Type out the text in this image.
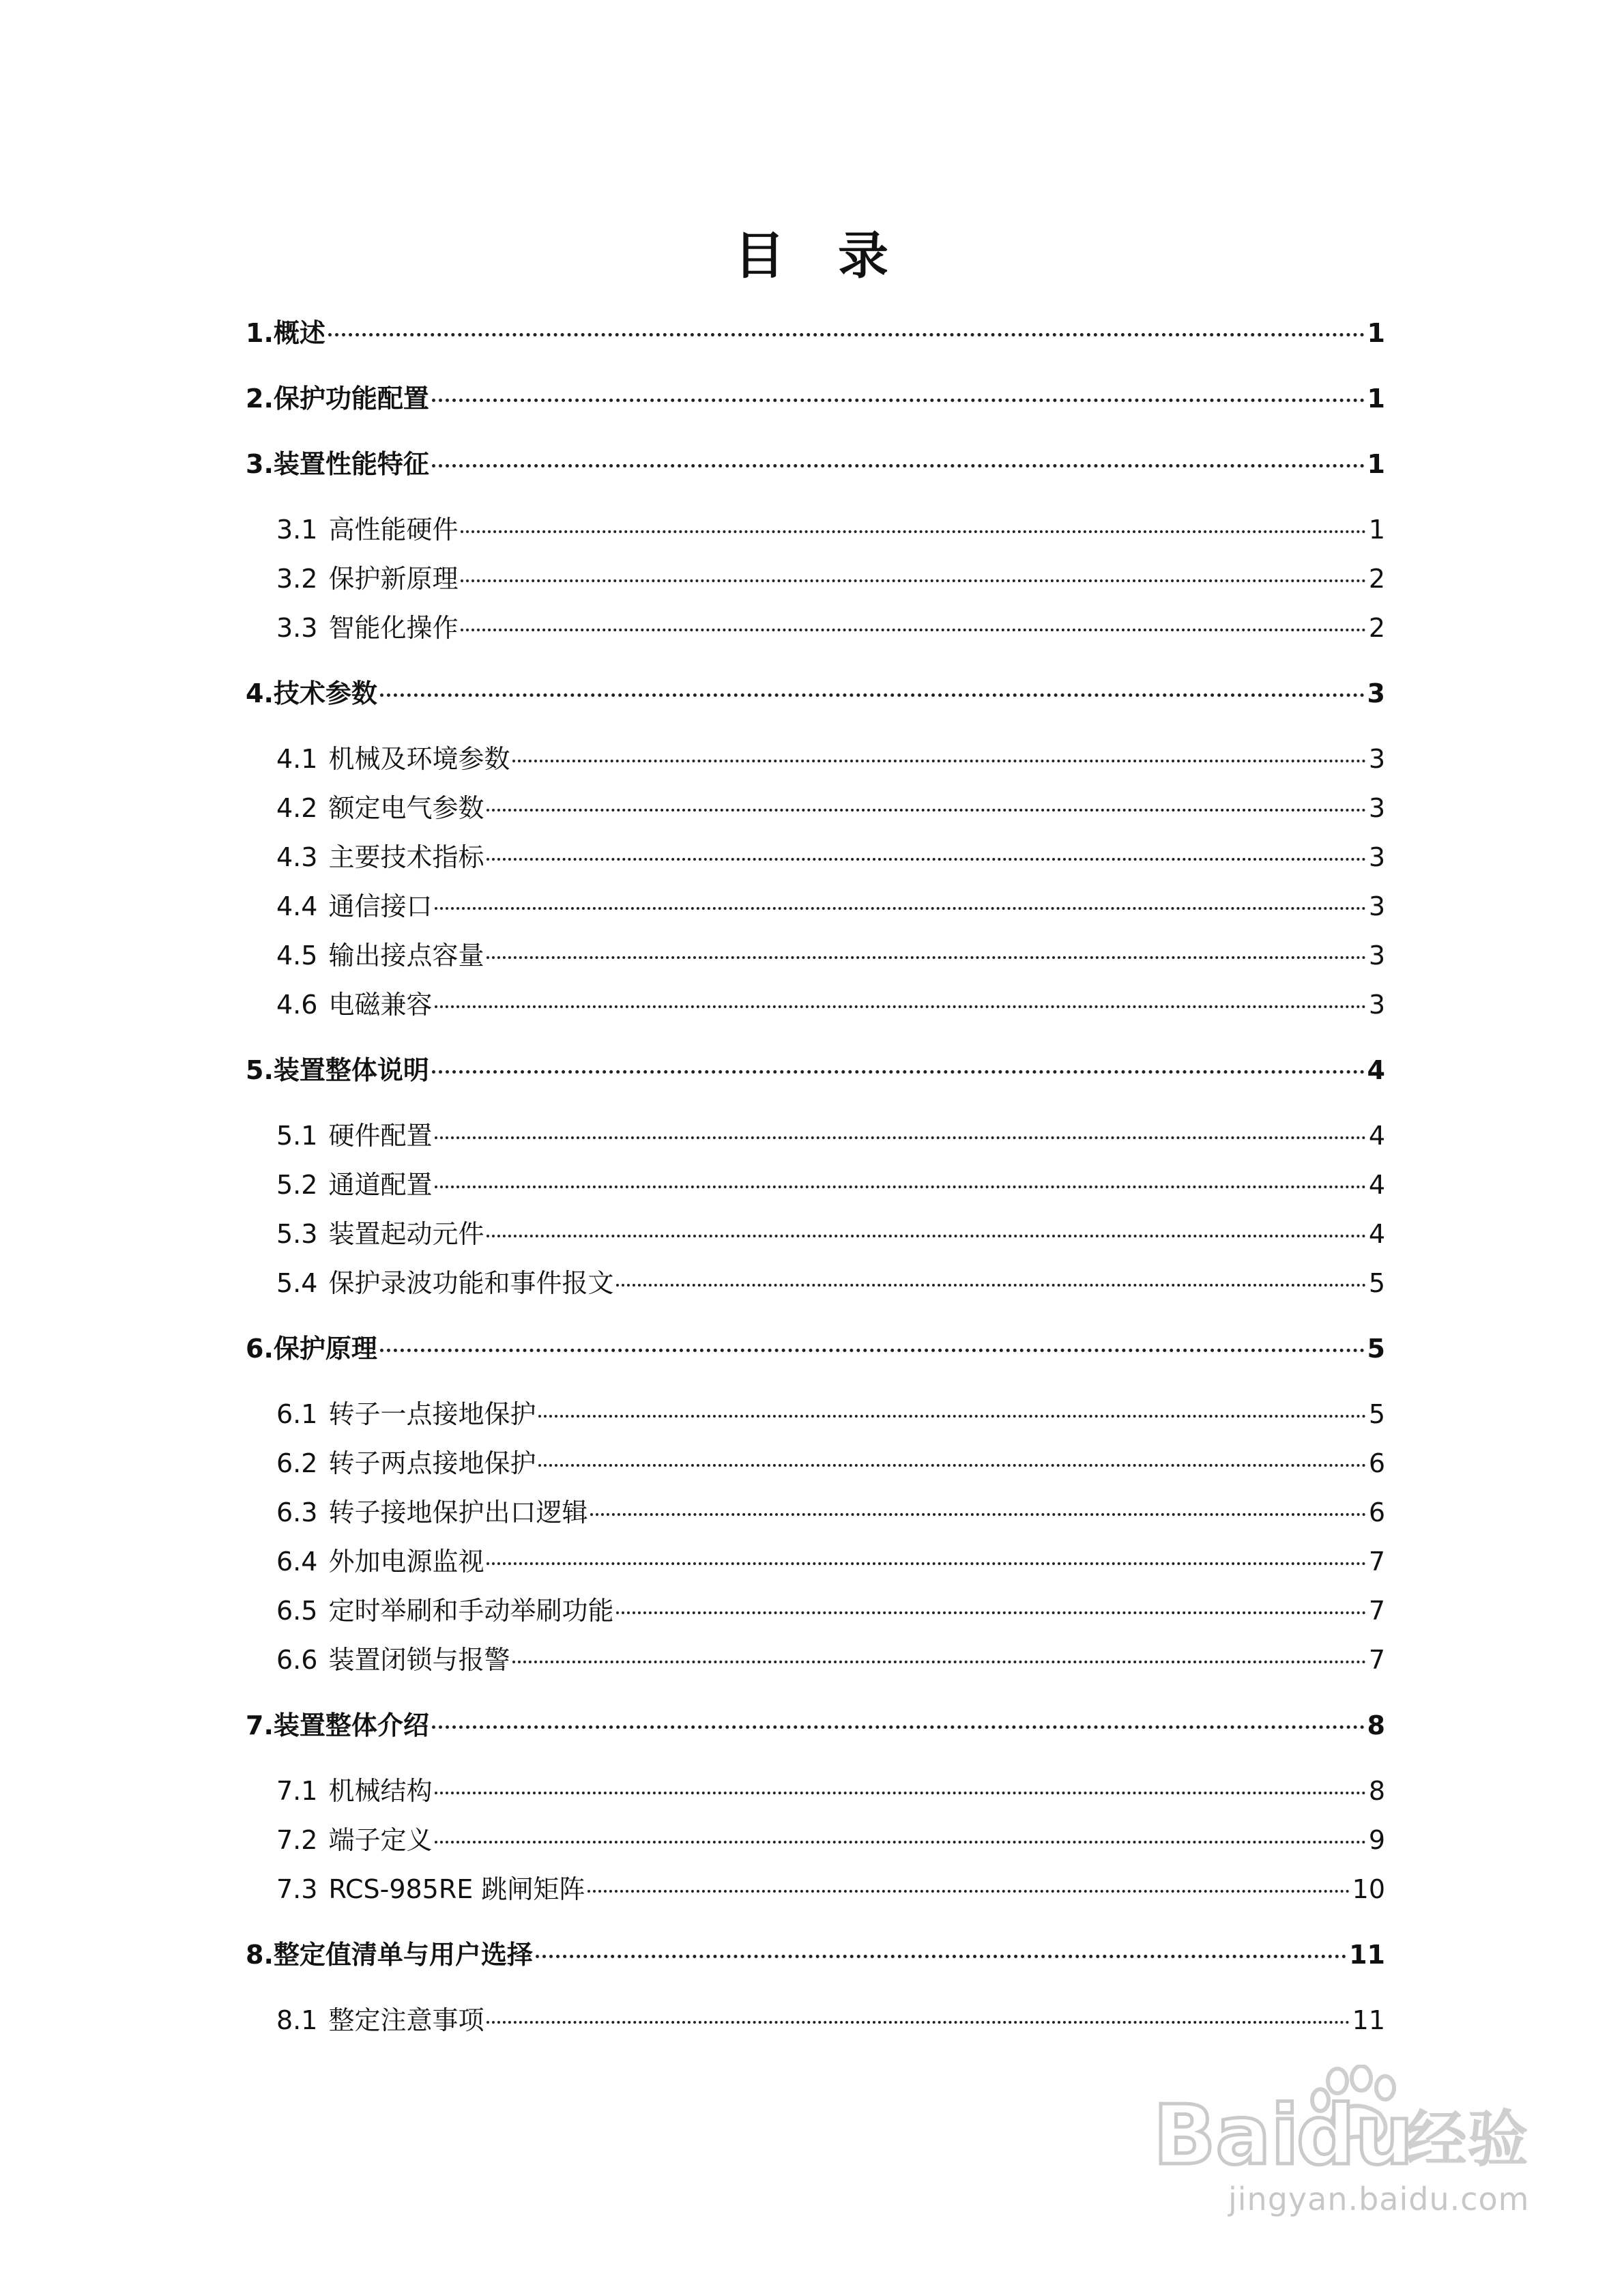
目　录
1. 概述	1
2. 保护功能配置	1
3. 装置性能特征	1
3.1 高性能硬件	1
3.2 保护新原理	2
3.3 智能化操作	2
4. 技术参数	3
4.1 机械及环境参数	3
4.2 额定电气参数	3
4.3 主要技术指标	3
4.4 通信接口	3
4.5 输出接点容量	3
4.6 电磁兼容	3
5. 装置整体说明	4
5.1 硬件配置	4
5.2 通道配置	4
5.3 装置起动元件	4
5.4 保护录波功能和事件报文	5
6. 保护原理	5
6.1 转子一点接地保护	5
6.2 转子两点接地保护	6
6.3 转子接地保护出口逻辑	6
6.4 外加电源监视	7
6.5 定时举刷和手动举刷功能	7
6.6 装置闭锁与报警	7
7. 装置整体介绍	8
7.1 机械结构	8
7.2 端子定义	9
7.3 RCS-985RE 跳闸矩阵	10
8. 整定值清单与用户选择	11
8.1 整定注意事项	11
Bai
du
经验
jingyan.baidu.com
